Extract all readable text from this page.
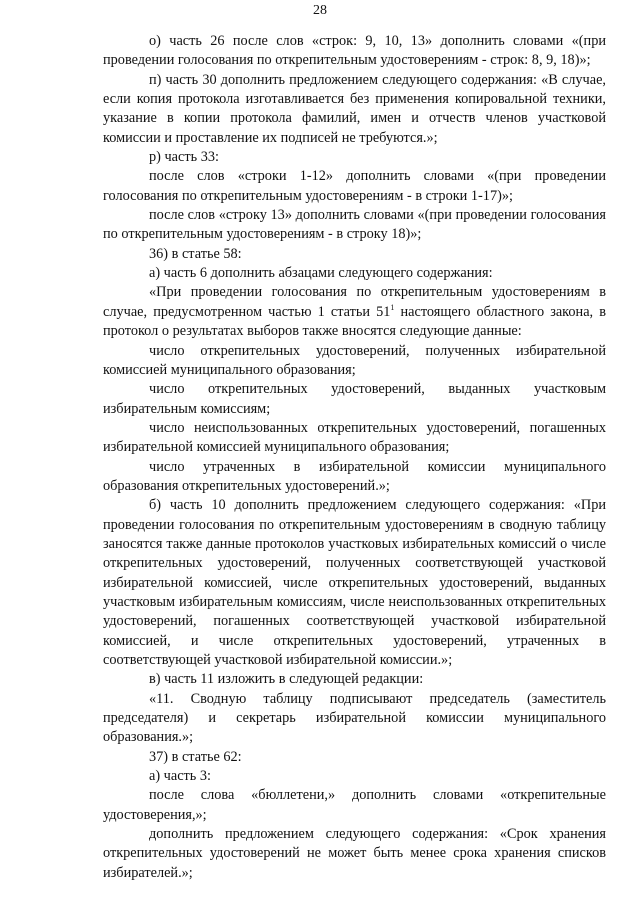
28

о) часть 26 после слов «строк: 9, 10, 13» дополнить словами «(при проведении голосования по открепительным удостоверениям - строк: 8, 9, 18)»;

п) часть 30 дополнить предложением следующего содержания: «В случае, если копия протокола изготавливается без применения копировальной техники, указание в копии протокола фамилий, имен и отчеств членов участковой комиссии и проставление их подписей не требуются.»;

р) часть 33:

после слов «строки 1-12» дополнить словами «(при проведении голосования по открепительным удостоверениям - в строки 1-17)»;

после слов «строку 13» дополнить словами «(при проведении голосования по открепительным удостоверениям - в строку 18)»;

36) в статье 58:

а) часть 6 дополнить абзацами следующего содержания:

«При проведении голосования по открепительным удостоверениям в случае, предусмотренном частью 1 статьи $51^1$ настоящего областного закона, в протокол о результатах выборов также вносятся следующие данные:

число открепительных удостоверений, полученных избирательной комиссией муниципального образования;

число открепительных удостоверений, выданных участковым избирательным комиссиям;

число неиспользованных открепительных удостоверений, погашенных избирательной комиссией муниципального образования;

число утраченных в избирательной комиссии муниципального образования открепительных удостоверений.»;

б) часть 10 дополнить предложением следующего содержания: «При проведении голосования по открепительным удостоверениям в сводную таблицу заносятся также данные протоколов участковых избирательных комиссий о числе открепительных удостоверений, полученных соответствующей участковой избирательной комиссией, числе открепительных удостоверений, выданных участковым избирательным комиссиям, числе неиспользованных открепительных удостоверений, погашенных соответствующей участковой избирательной комиссией, и числе открепительных удостоверений, утраченных в соответствующей участковой избирательной комиссии.»;

в) часть 11 изложить в следующей редакции:

«11. Сводную таблицу подписывают председатель (заместитель председателя) и секретарь избирательной комиссии муниципального образования.»;

37) в статье 62:

а) часть 3:

после слова «бюллетени,» дополнить словами «открепительные удостоверения,»;

дополнить предложением следующего содержания: «Срок хранения открепительных удостоверений не может быть менее срока хранения списков избирателей.»;
